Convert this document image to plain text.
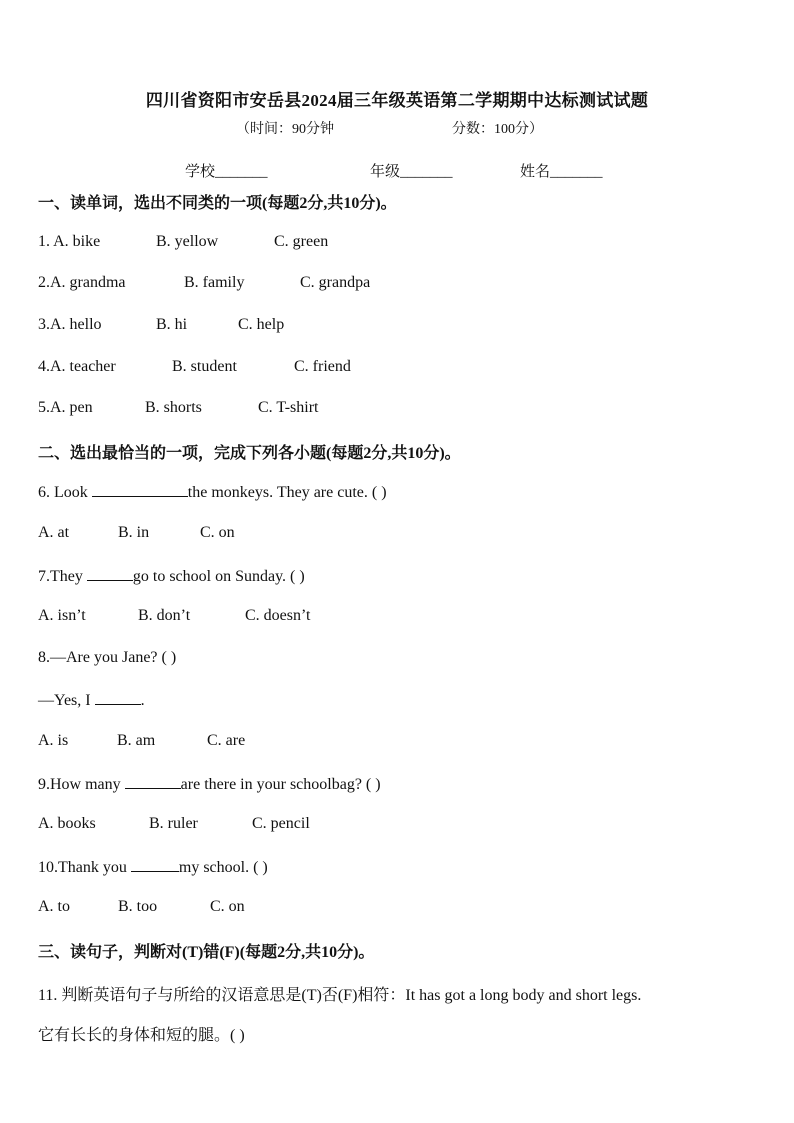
四川省资阳市安岳县2024届三年级英语第二学期期中达标测试试题
（时间：90分钟	分数：100分）
学校_______	年级_______	姓名_______
一、读单词，选出不同类的一项(每题2分,共10分)。
1. A. bike	B. yellow	C. green
2.A. grandma	B. family	C. grandpa
3.A. hello	B. hi	C. help
4.A. teacher	B. student	C. friend
5.A. pen	B. shorts	C. T-shirt
二、选出最恰当的一项，完成下列各小题(每题2分,共10分)。
6. Look	the monkeys. They are cute. ( )
A. at	B. in	C. on
7.They	go to school on Sunday. ( )
A. isn’t	B. don’t	C. doesn’t
8.—Are you Jane? ( )
—Yes, I	.
A. is	B. am	C. are
9.How many	are there in your schoolbag? ( )
A. books	B. ruler	C. pencil
10.Thank you	my school. ( )
A. to	B. too	C. on
三、读句子，判断对(T)错(F)(每题2分,共10分)。
11. 判断英语句子与所给的汉语意思是(T)否(F)相符：It has got a long body and short legs.
它有长长的身体和短的腿。( )
